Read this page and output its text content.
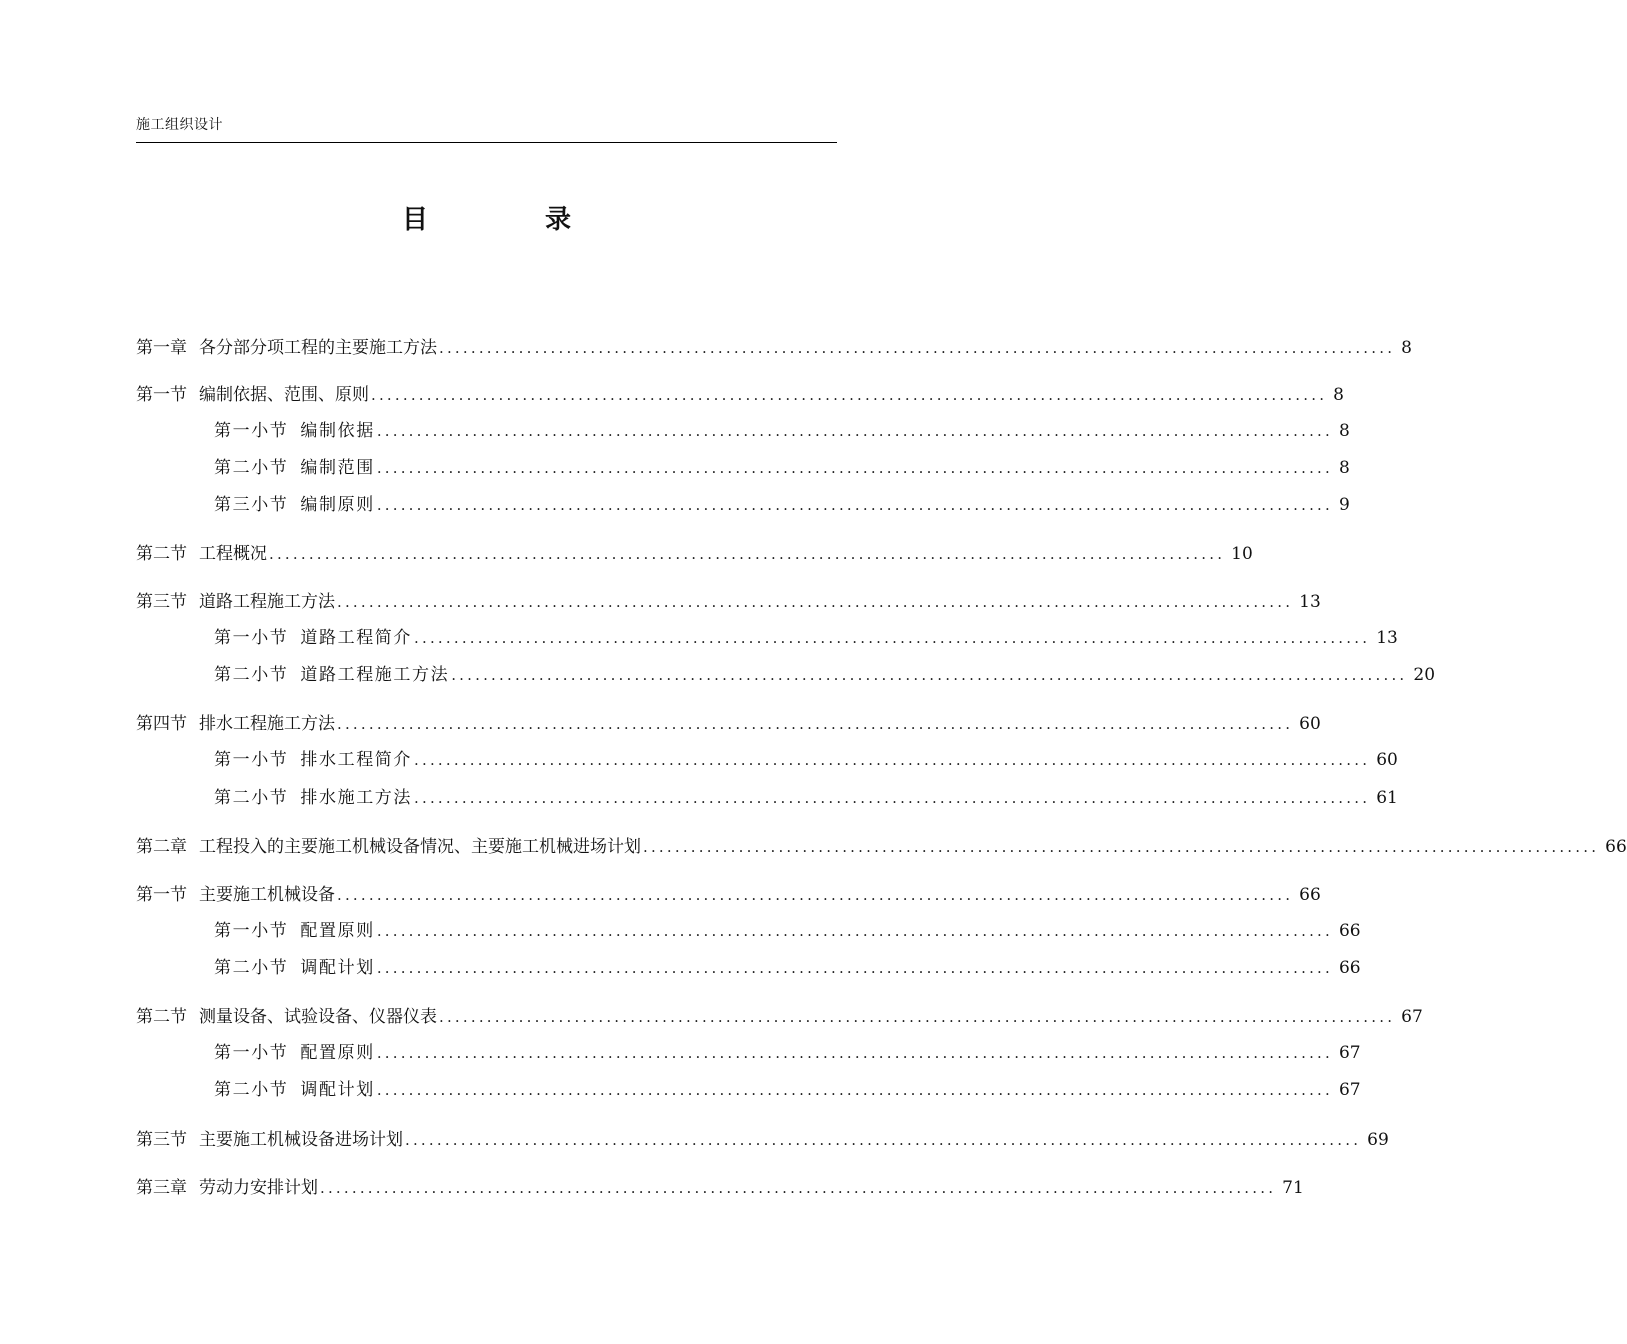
施工组织设计
目	录
第一章 各分部分项工程的主要施工方法 ........................................................................................................................ 8
第一节 编制依据、范围、原则 ........................................................................................................................ 8
第一小节 编制依据 ........................................................................................................................ 8
第二小节 编制范围 ........................................................................................................................ 8
第三小节 编制原则 ........................................................................................................................ 9
第二节 工程概况 ........................................................................................................................ 10
第三节 道路工程施工方法 ........................................................................................................................ 13
第一小节 道路工程简介 ........................................................................................................................ 13
第二小节 道路工程施工方法 ........................................................................................................................ 20
第四节 排水工程施工方法 ........................................................................................................................ 60
第一小节 排水工程简介 ........................................................................................................................ 60
第二小节 排水施工方法 ........................................................................................................................ 61
第二章 工程投入的主要施工机械设备情况、主要施工机械进场计划 ........................................................................................................................ 66
第一节 主要施工机械设备 ........................................................................................................................ 66
第一小节 配置原则 ........................................................................................................................ 66
第二小节 调配计划 ........................................................................................................................ 66
第二节 测量设备、试验设备、仪器仪表 ........................................................................................................................ 67
第一小节 配置原则 ........................................................................................................................ 67
第二小节 调配计划 ........................................................................................................................ 67
第三节 主要施工机械设备进场计划 ........................................................................................................................ 69
第三章 劳动力安排计划 ........................................................................................................................ 71
